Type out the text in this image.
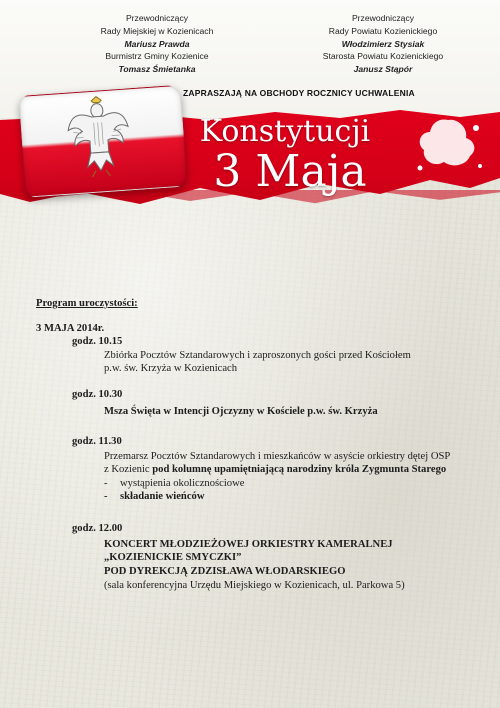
Przewodniczący
Rady Miejskiej w Kozienicach
Mariusz Prawda
Burmistrz Gminy Kozienice
Tomasz Śmietanka
Przewodniczący
Rady Powiatu Kozienickiego
Włodzimierz Stysiak
Starosta Powiatu Kozienickiego
Janusz Stąpór
ZAPRASZAJĄ NA OBCHODY ROCZNICY UCHWALENIA
Konstytucji
3 Maja
Program uroczystości:
3 MAJA 2014r.
godz. 10.15
Zbiórka Pocztów Sztandarowych i zaproszonych gości przed Kościołem
p.w. św. Krzyża w Kozienicach
godz. 10.30
Msza Święta w Intencji Ojczyzny w Kościele p.w. św. Krzyża
godz. 11.30
Przemarsz Pocztów Sztandarowych i mieszkańców w asyście orkiestry dętej OSP
z Kozienic pod kolumnę upamiętniającą narodziny króla Zygmunta Starego
- wystąpienia okolicznościowe
- składanie wieńców
godz. 12.00
KONCERT MŁODZIEŻOWEJ ORKIESTRY KAMERALNEJ
„KOZIENICKIE SMYCZKI”
POD DYREKCJĄ ZDZISŁAWA WŁODARSKIEGO
(sala konferencyjna Urzędu Miejskiego w Kozienicach, ul. Parkowa 5)
